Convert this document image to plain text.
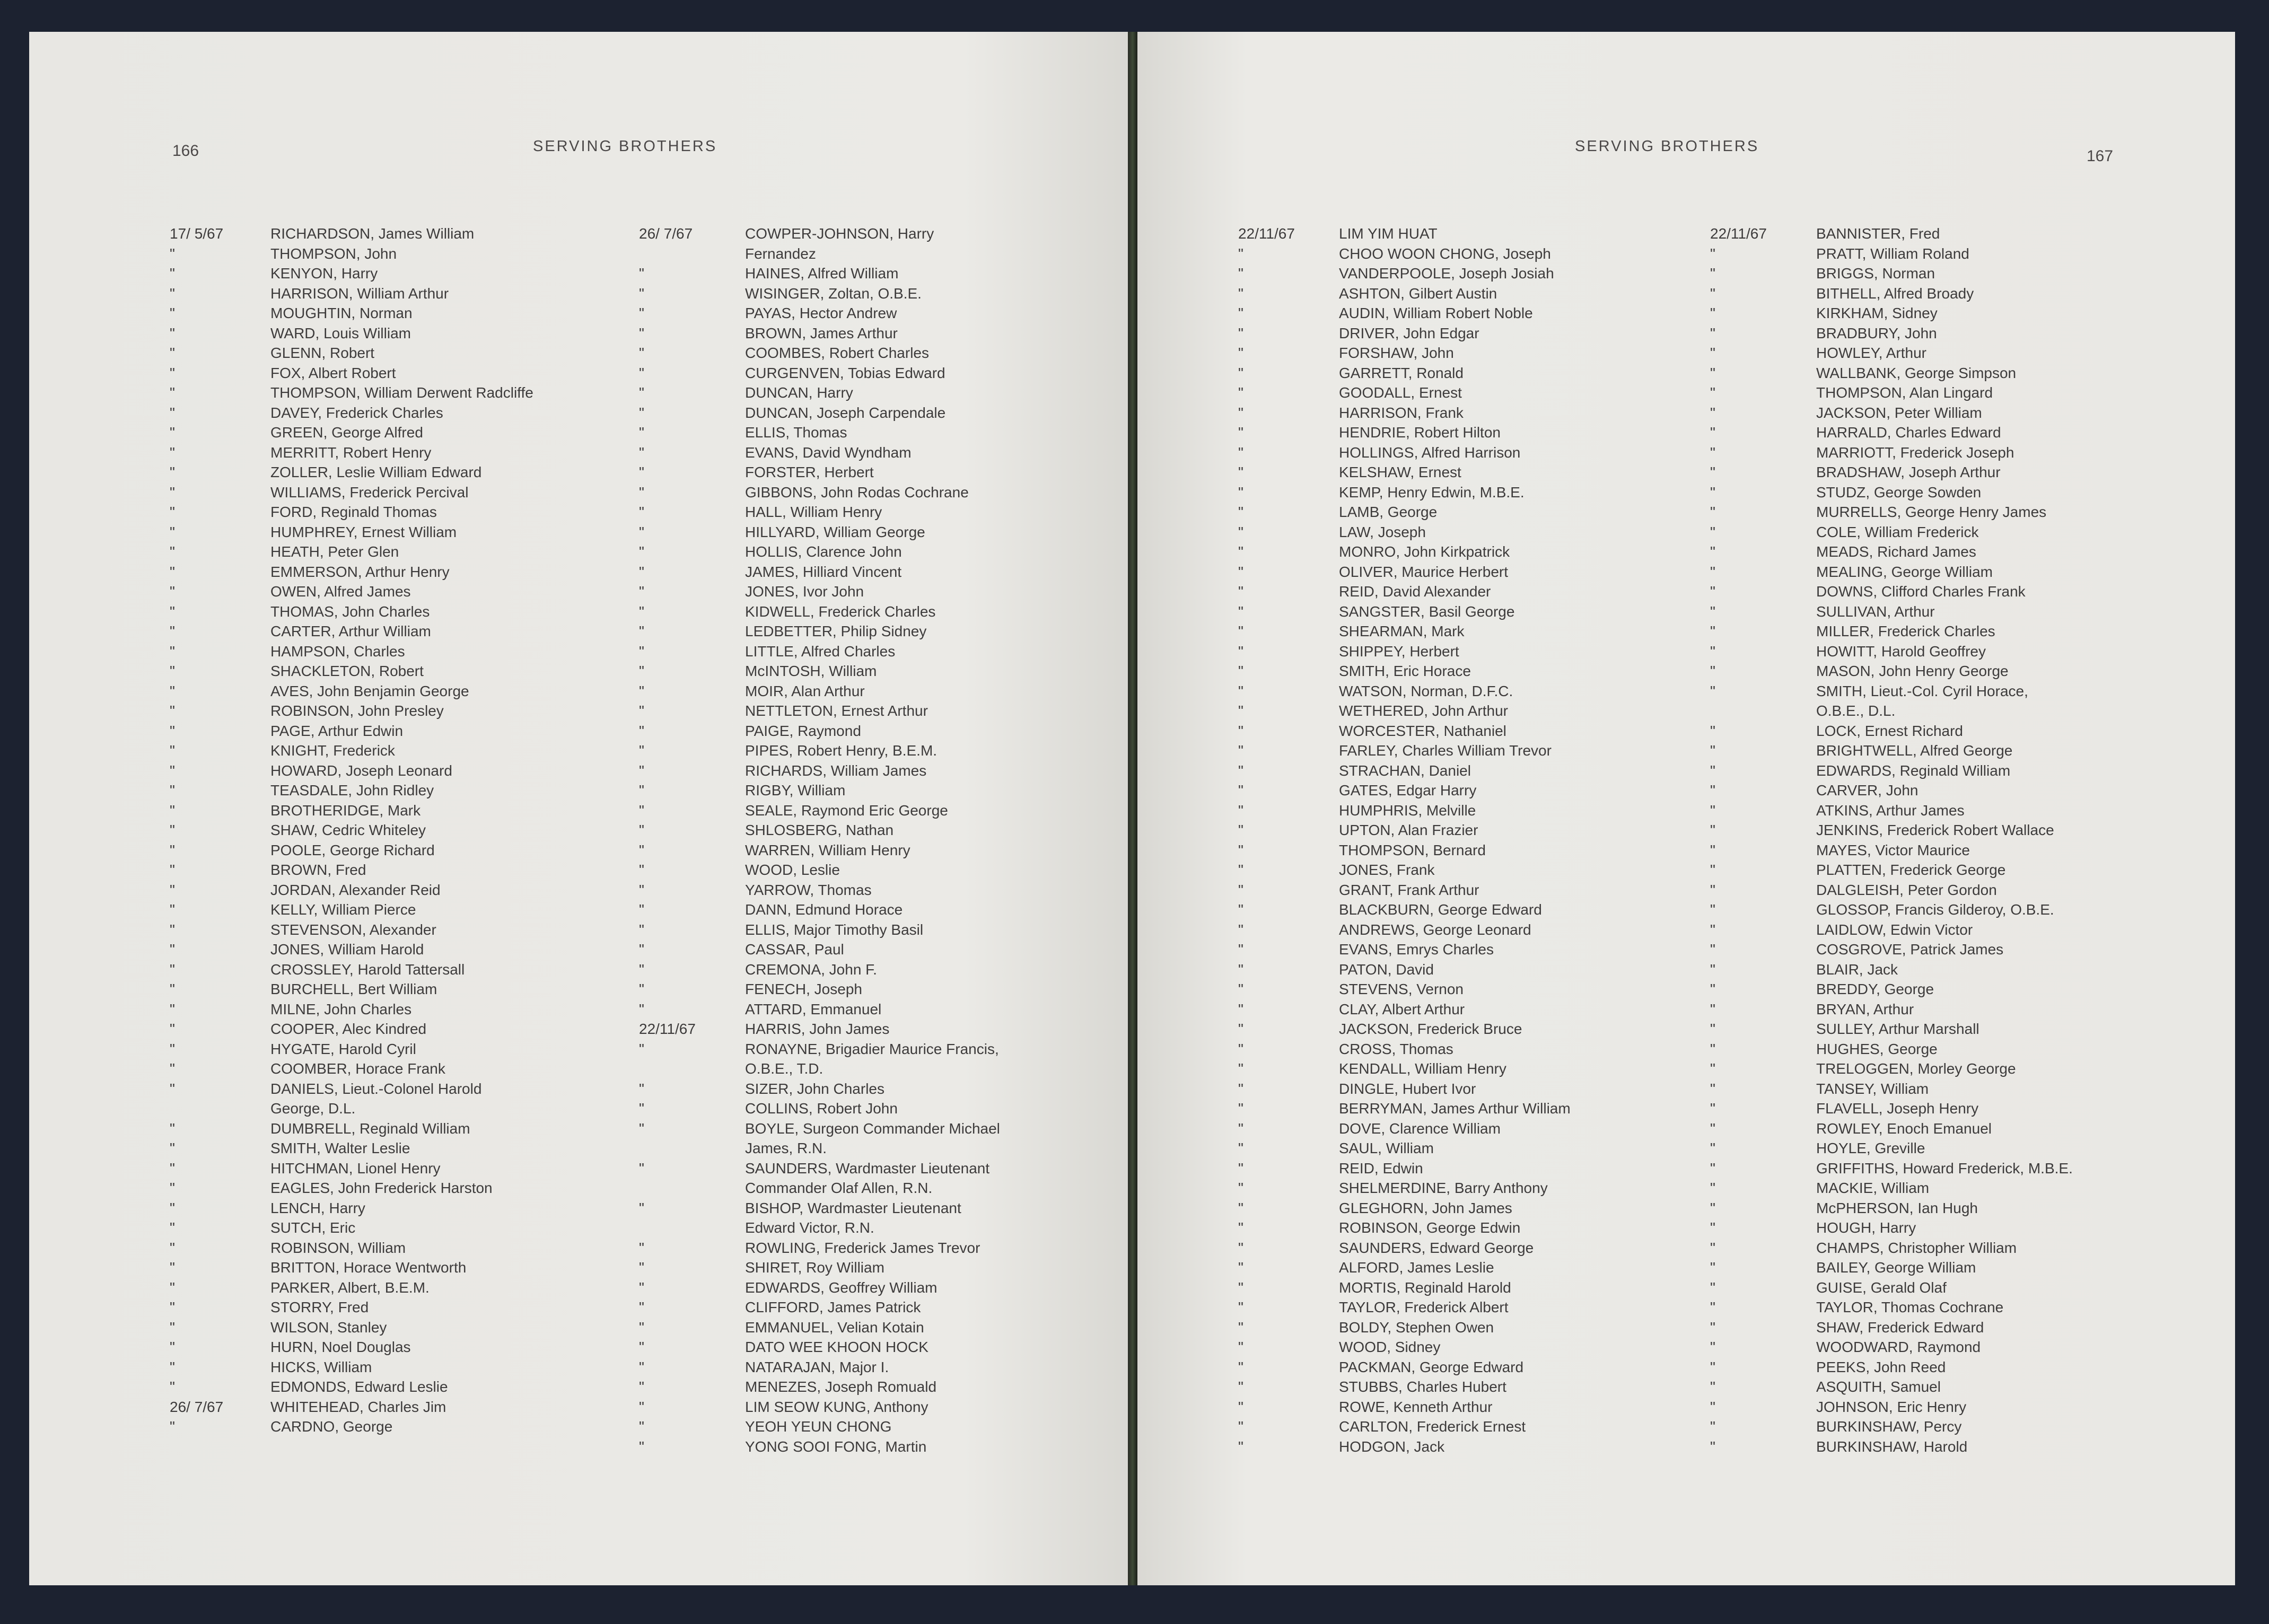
166	SERVING BROTHERS
17/ 5/67	RICHARDSON, James William
"	THOMPSON, John
"	KENYON, Harry
"	HARRISON, William Arthur
"	MOUGHTIN, Norman
"	WARD, Louis William
"	GLENN, Robert
"	FOX, Albert Robert
"	THOMPSON, William Derwent Radcliffe
"	DAVEY, Frederick Charles
"	GREEN, George Alfred
"	MERRITT, Robert Henry
"	ZOLLER, Leslie William Edward
"	WILLIAMS, Frederick Percival
"	FORD, Reginald Thomas
"	HUMPHREY, Ernest William
"	HEATH, Peter Glen
"	EMMERSON, Arthur Henry
"	OWEN, Alfred James
"	THOMAS, John Charles
"	CARTER, Arthur William
"	HAMPSON, Charles
"	SHACKLETON, Robert
"	AVES, John Benjamin George
"	ROBINSON, John Presley
"	PAGE, Arthur Edwin
"	KNIGHT, Frederick
"	HOWARD, Joseph Leonard
"	TEASDALE, John Ridley
"	BROTHERIDGE, Mark
"	SHAW, Cedric Whiteley
"	POOLE, George Richard
"	BROWN, Fred
"	JORDAN, Alexander Reid
"	KELLY, William Pierce
"	STEVENSON, Alexander
"	JONES, William Harold
"	CROSSLEY, Harold Tattersall
"	BURCHELL, Bert William
"	MILNE, John Charles
"	COOPER, Alec Kindred
"	HYGATE, Harold Cyril
"	COOMBER, Horace Frank
"	DANIELS, Lieut.-Colonel Harold
George, D.L.
"	DUMBRELL, Reginald William
"	SMITH, Walter Leslie
"	HITCHMAN, Lionel Henry
"	EAGLES, John Frederick Harston
"	LENCH, Harry
"	SUTCH, Eric
"	ROBINSON, William
"	BRITTON, Horace Wentworth
"	PARKER, Albert, B.E.M.
"	STORRY, Fred
"	WILSON, Stanley
"	HURN, Noel Douglas
"	HICKS, William
"	EDMONDS, Edward Leslie
26/ 7/67	WHITEHEAD, Charles Jim
"	CARDNO, George
26/ 7/67	COWPER-JOHNSON, Harry
Fernandez
"	HAINES, Alfred William
"	WISINGER, Zoltan, O.B.E.
"	PAYAS, Hector Andrew
"	BROWN, James Arthur
"	COOMBES, Robert Charles
"	CURGENVEN, Tobias Edward
"	DUNCAN, Harry
"	DUNCAN, Joseph Carpendale
"	ELLIS, Thomas
"	EVANS, David Wyndham
"	FORSTER, Herbert
"	GIBBONS, John Rodas Cochrane
"	HALL, William Henry
"	HILLYARD, William George
"	HOLLIS, Clarence John
"	JAMES, Hilliard Vincent
"	JONES, Ivor John
"	KIDWELL, Frederick Charles
"	LEDBETTER, Philip Sidney
"	LITTLE, Alfred Charles
"	McINTOSH, William
"	MOIR, Alan Arthur
"	NETTLETON, Ernest Arthur
"	PAIGE, Raymond
"	PIPES, Robert Henry, B.E.M.
"	RICHARDS, William James
"	RIGBY, William
"	SEALE, Raymond Eric George
"	SHLOSBERG, Nathan
"	WARREN, William Henry
"	WOOD, Leslie
"	YARROW, Thomas
"	DANN, Edmund Horace
"	ELLIS, Major Timothy Basil
"	CASSAR, Paul
"	CREMONA, John F.
"	FENECH, Joseph
"	ATTARD, Emmanuel
22/11/67	HARRIS, John James
"	RONAYNE, Brigadier Maurice Francis,
O.B.E., T.D.
"	SIZER, John Charles
"	COLLINS, Robert John
"	BOYLE, Surgeon Commander Michael
James, R.N.
"	SAUNDERS, Wardmaster Lieutenant
Commander Olaf Allen, R.N.
"	BISHOP, Wardmaster Lieutenant
Edward Victor, R.N.
"	ROWLING, Frederick James Trevor
"	SHIRET, Roy William
"	EDWARDS, Geoffrey William
"	CLIFFORD, James Patrick
"	EMMANUEL, Velian Kotain
"	DATO WEE KHOON HOCK
"	NATARAJAN, Major I.
"	MENEZES, Joseph Romuald
"	LIM SEOW KUNG, Anthony
"	YEOH YEUN CHONG
"	YONG SOOI FONG, Martin
167
SERVING BROTHERS
22/11/67	LIM YIM HUAT
"	CHOO WOON CHONG, Joseph
"	VANDERPOOLE, Joseph Josiah
"	ASHTON, Gilbert Austin
"	AUDIN, William Robert Noble
"	DRIVER, John Edgar
"	FORSHAW, John
"	GARRETT, Ronald
"	GOODALL, Ernest
"	HARRISON, Frank
"	HENDRIE, Robert Hilton
"	HOLLINGS, Alfred Harrison
"	KELSHAW, Ernest
"	KEMP, Henry Edwin, M.B.E.
"	LAMB, George
"	LAW, Joseph
"	MONRO, John Kirkpatrick
"	OLIVER, Maurice Herbert
"	REID, David Alexander
"	SANGSTER, Basil George
"	SHEARMAN, Mark
"	SHIPPEY, Herbert
"	SMITH, Eric Horace
"	WATSON, Norman, D.F.C.
"	WETHERED, John Arthur
"	WORCESTER, Nathaniel
"	FARLEY, Charles William Trevor
"	STRACHAN, Daniel
"	GATES, Edgar Harry
"	HUMPHRIS, Melville
"	UPTON, Alan Frazier
"	THOMPSON, Bernard
"	JONES, Frank
"	GRANT, Frank Arthur
"	BLACKBURN, George Edward
"	ANDREWS, George Leonard
"	EVANS, Emrys Charles
"	PATON, David
"	STEVENS, Vernon
"	CLAY, Albert Arthur
"	JACKSON, Frederick Bruce
"	CROSS, Thomas
"	KENDALL, William Henry
"	DINGLE, Hubert Ivor
"	BERRYMAN, James Arthur William
"	DOVE, Clarence William
"	SAUL, William
"	REID, Edwin
"	SHELMERDINE, Barry Anthony
"	GLEGHORN, John James
"	ROBINSON, George Edwin
"	SAUNDERS, Edward George
"	ALFORD, James Leslie
"	MORTIS, Reginald Harold
"	TAYLOR, Frederick Albert
"	BOLDY, Stephen Owen
"	WOOD, Sidney
"	PACKMAN, George Edward
"	STUBBS, Charles Hubert
"	ROWE, Kenneth Arthur
"	CARLTON, Frederick Ernest
"	HODGON, Jack
22/11/67	BANNISTER, Fred
"	PRATT, William Roland
"	BRIGGS, Norman
"	BITHELL, Alfred Broady
"	KIRKHAM, Sidney
"	BRADBURY, John
"	HOWLEY, Arthur
"	WALLBANK, George Simpson
"	THOMPSON, Alan Lingard
"	JACKSON, Peter William
"	HARRALD, Charles Edward
"	MARRIOTT, Frederick Joseph
"	BRADSHAW, Joseph Arthur
"	STUDZ, George Sowden
"	MURRELLS, George Henry James
"	COLE, William Frederick
"	MEADS, Richard James
"	MEALING, George William
"	DOWNS, Clifford Charles Frank
"	SULLIVAN, Arthur
"	MILLER, Frederick Charles
"	HOWITT, Harold Geoffrey
"	MASON, John Henry George
"	SMITH, Lieut.-Col. Cyril Horace,
O.B.E., D.L.
"	LOCK, Ernest Richard
"	BRIGHTWELL, Alfred George
"	EDWARDS, Reginald William
"	CARVER, John
"	ATKINS, Arthur James
"	JENKINS, Frederick Robert Wallace
"	MAYES, Victor Maurice
"	PLATTEN, Frederick George
"	DALGLEISH, Peter Gordon
"	GLOSSOP, Francis Gilderoy, O.B.E.
"	LAIDLOW, Edwin Victor
"	COSGROVE, Patrick James
"	BLAIR, Jack
"	BREDDY, George
"	BRYAN, Arthur
"	SULLEY, Arthur Marshall
"	HUGHES, George
"	TRELOGGEN, Morley George
"	TANSEY, William
"	FLAVELL, Joseph Henry
"	ROWLEY, Enoch Emanuel
"	HOYLE, Greville
"	GRIFFITHS, Howard Frederick, M.B.E.
"	MACKIE, William
"	McPHERSON, Ian Hugh
"	HOUGH, Harry
"	CHAMPS, Christopher William
"	BAILEY, George William
"	GUISE, Gerald Olaf
"	TAYLOR, Thomas Cochrane
"	SHAW, Frederick Edward
"	WOODWARD, Raymond
"	PEEKS, John Reed
"	ASQUITH, Samuel
"	JOHNSON, Eric Henry
"	BURKINSHAW, Percy
"	BURKINSHAW, Harold
